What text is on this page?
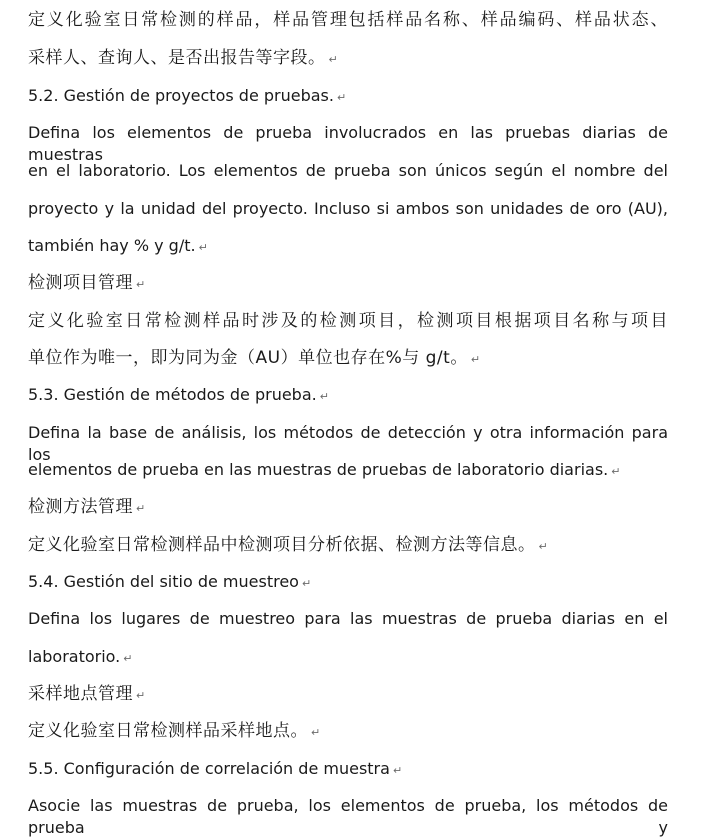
定义化验室日常检测的样品，样品管理包括样品名称、样品编码、样品状态、
采样人、查询人、是否出报告等字段。 ↵
5.2. Gestión de proyectos de pruebas. ↵
Defina los elementos de prueba involucrados en las pruebas diarias de muestras
en el laboratorio. Los elementos de prueba son únicos según el nombre del
proyecto y la unidad del proyecto. Incluso si ambos son unidades de oro (AU),
también hay % y g/t. ↵
检测项目管理 ↵
定义化验室日常检测样品时涉及的检测项目，检测项目根据项目名称与项目
单位作为唯一，即为同为金（AU）单位也存在%与 g/t。 ↵
5.3. Gestión de métodos de prueba. ↵
Defina la base de análisis, los métodos de detección y otra información para los
elementos de prueba en las muestras de pruebas de laboratorio diarias. ↵
检测方法管理 ↵
定义化验室日常检测样品中检测项目分析依据、检测方法等信息。 ↵
5.4. Gestión del sitio de muestreo ↵
Defina los lugares de muestreo para las muestras de prueba diarias en el
laboratorio. ↵
采样地点管理 ↵
定义化验室日常检测样品采样地点。 ↵
5.5. Configuración de correlación de muestra ↵
Asocie las muestras de prueba, los elementos de prueba, los métodos de prueba y
